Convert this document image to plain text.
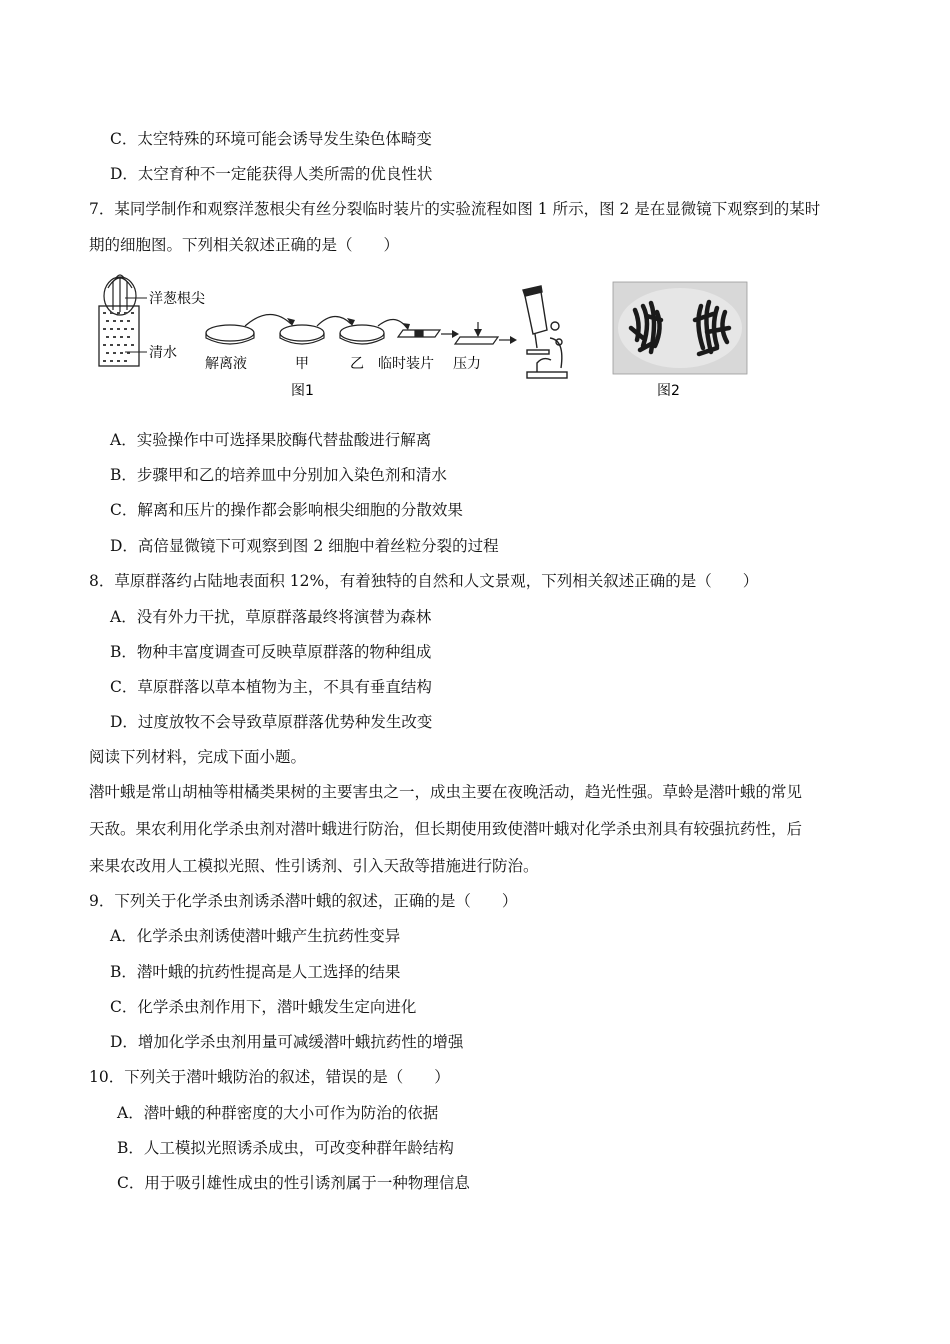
C．太空特殊的环境可能会诱导发生染色体畸变
D．太空育种不一定能获得人类所需的优良性状
7．某同学制作和观察洋葱根尖有丝分裂临时装片的实验流程如图 1 所示，图 2 是在显微镜下观察到的某时
期的细胞图。下列相关叙述正确的是（　　）
洋葱根尖
清水
解离液	甲	乙 临时装片 压力
图1	图2
A．实验操作中可选择果胶酶代替盐酸进行解离
B．步骤甲和乙的培养皿中分别加入染色剂和清水
C．解离和压片的操作都会影响根尖细胞的分散效果
D．高倍显微镜下可观察到图 2 细胞中着丝粒分裂的过程
8．草原群落约占陆地表面积 12%，有着独特的自然和人文景观，下列相关叙述正确的是（　　）
A．没有外力干扰，草原群落最终将演替为森林
B．物种丰富度调查可反映草原群落的物种组成
C．草原群落以草本植物为主，不具有垂直结构
D．过度放牧不会导致草原群落优势种发生改变
阅读下列材料，完成下面小题。
潜叶蛾是常山胡柚等柑橘类果树的主要害虫之一，成虫主要在夜晚活动，趋光性强。草蛉是潜叶蛾的常见
天敌。果农利用化学杀虫剂对潜叶蛾进行防治，但长期使用致使潜叶蛾对化学杀虫剂具有较强抗药性，后
来果农改用人工模拟光照、性引诱剂、引入天敌等措施进行防治。
9．下列关于化学杀虫剂诱杀潜叶蛾的叙述，正确的是（　　）
A．化学杀虫剂诱使潜叶蛾产生抗药性变异
B．潜叶蛾的抗药性提高是人工选择的结果
C．化学杀虫剂作用下，潜叶蛾发生定向进化
D．增加化学杀虫剂用量可减缓潜叶蛾抗药性的增强
10．下列关于潜叶蛾防治的叙述，错误的是（　　）
A．潜叶蛾的种群密度的大小可作为防治的依据
B．人工模拟光照诱杀成虫，可改变种群年龄结构
C．用于吸引雄性成虫的性引诱剂属于一种物理信息
